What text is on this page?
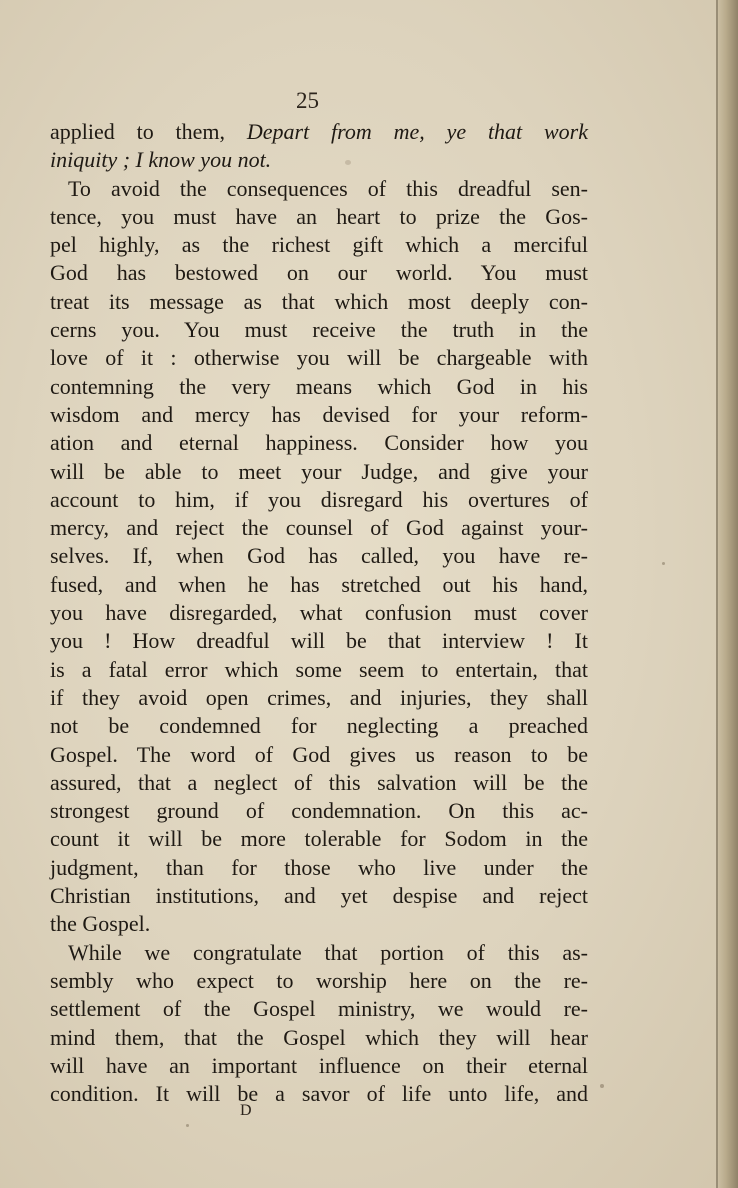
25
applied to them, Depart from me, ye that work
iniquity ; I know you not.
To avoid the consequences of this dreadful sen-
tence, you must have an heart to prize the Gos-
pel highly, as the richest gift which a merciful
God has bestowed on our world. You must
treat its message as that which most deeply con-
cerns you. You must receive the truth in the
love of it : otherwise you will be chargeable with
contemning the very means which God in his
wisdom and mercy has devised for your reform-
ation and eternal happiness. Consider how you
will be able to meet your Judge, and give your
account to him, if you disregard his overtures of
mercy, and reject the counsel of God against your-
selves. If, when God has called, you have re-
fused, and when he has stretched out his hand,
you have disregarded, what confusion must cover
you ! How dreadful will be that interview ! It
is a fatal error which some seem to entertain, that
if they avoid open crimes, and injuries, they shall
not be condemned for neglecting a preached
Gospel. The word of God gives us reason to be
assured, that a neglect of this salvation will be the
strongest ground of condemnation. On this ac-
count it will be more tolerable for Sodom in the
judgment, than for those who live under the
Christian institutions, and yet despise and reject
the Gospel.
While we congratulate that portion of this as-
sembly who expect to worship here on the re-
settlement of the Gospel ministry, we would re-
mind them, that the Gospel which they will hear
will have an important influence on their eternal
condition. It will be a savor of life unto life, and
D
